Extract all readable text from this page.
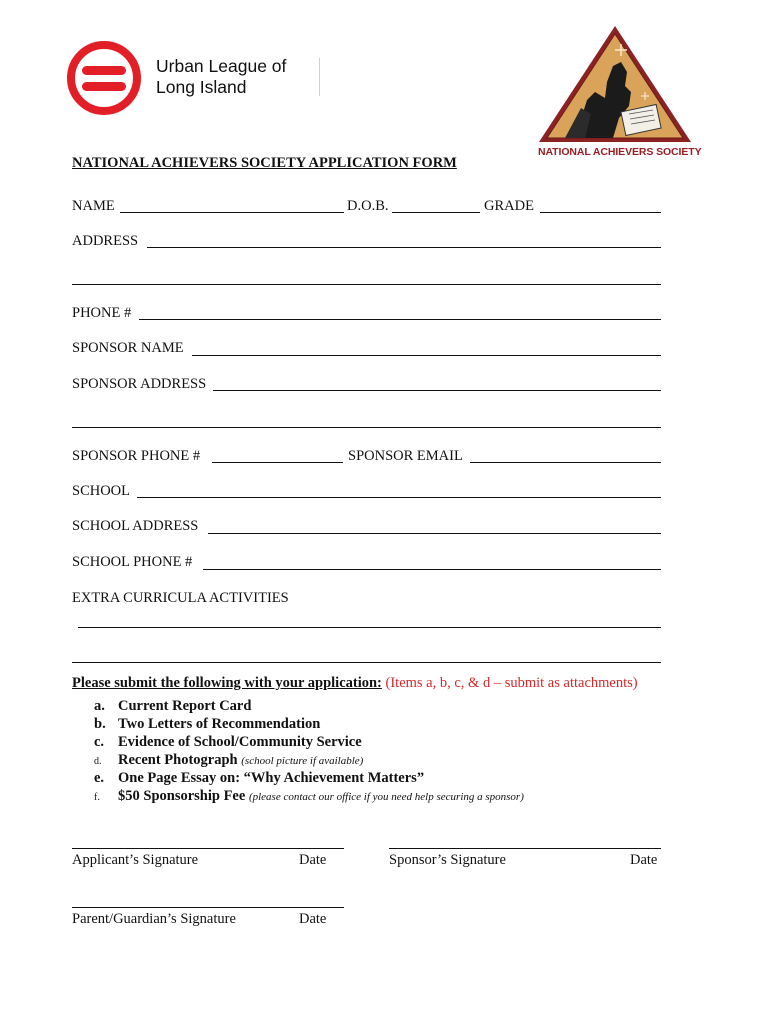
Urban League of
Long Island
NATIONAL ACHIEVERS SOCIETY
NATIONAL ACHIEVERS SOCIETY APPLICATION FORM
NAME	D.O.B.	GRADE
ADDRESS
PHONE #
SPONSOR NAME
SPONSOR ADDRESS
SPONSOR PHONE #	SPONSOR EMAIL
SCHOOL
SCHOOL ADDRESS
SCHOOL PHONE #
EXTRA CURRICULA ACTIVITIES
Please submit the following with your application: (Items a, b, c, & d – submit as attachments)
a. Current Report Card
b. Two Letters of Recommendation
c. Evidence of School/Community Service
d. Recent Photograph (school picture if available)
e. One Page Essay on: “Why Achievement Matters”
f. $50 Sponsorship Fee (please contact our office if you need help securing a sponsor)
Applicant’s Signature	Date	Sponsor’s Signature	Date
Parent/Guardian’s Signature	Date
